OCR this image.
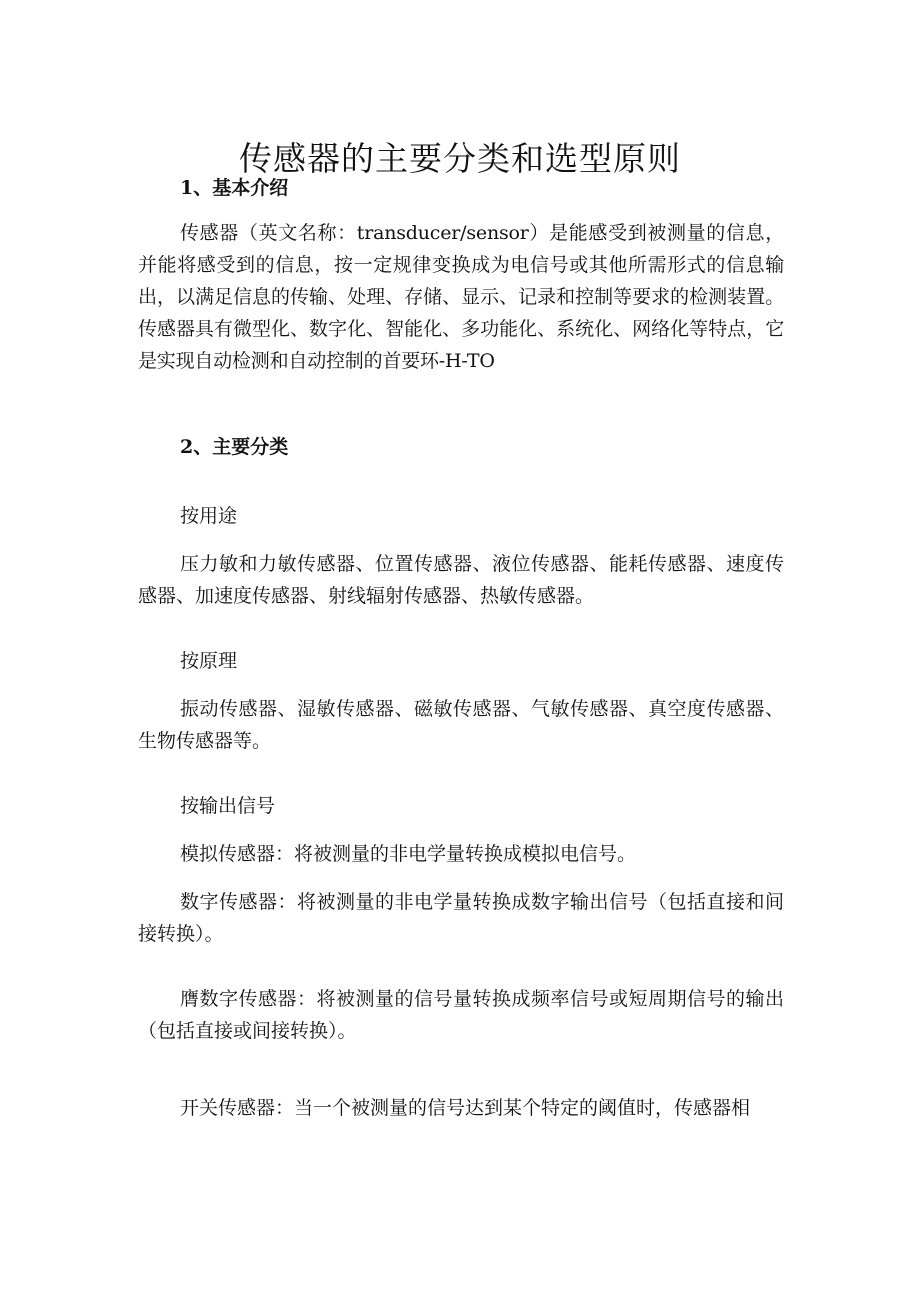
传感器的主要分类和选型原则

1、基本介绍

传感器（英文名称：transducer/sensor）是能感受到被测量的信息，并能将感受到的信息，按一定规律变换成为电信号或其他所需形式的信息输出，以满足信息的传输、处理、存储、显示、记录和控制等要求的检测装置。传感器具有微型化、数字化、智能化、多功能化、系统化、网络化等特点，它是实现自动检测和自动控制的首要环-H-TO

2、主要分类

按用途

压力敏和力敏传感器、位置传感器、液位传感器、能耗传感器、速度传感器、加速度传感器、射线辐射传感器、热敏传感器。

按原理

振动传感器、湿敏传感器、磁敏传感器、气敏传感器、真空度传感器、生物传感器等。

按输出信号

模拟传感器：将被测量的非电学量转换成模拟电信号。

数字传感器：将被测量的非电学量转换成数字输出信号（包括直接和间接转换）。

膺数字传感器：将被测量的信号量转换成频率信号或短周期信号的输出（包括直接或间接转换）。

开关传感器：当一个被测量的信号达到某个特定的阈值时，传感器相
